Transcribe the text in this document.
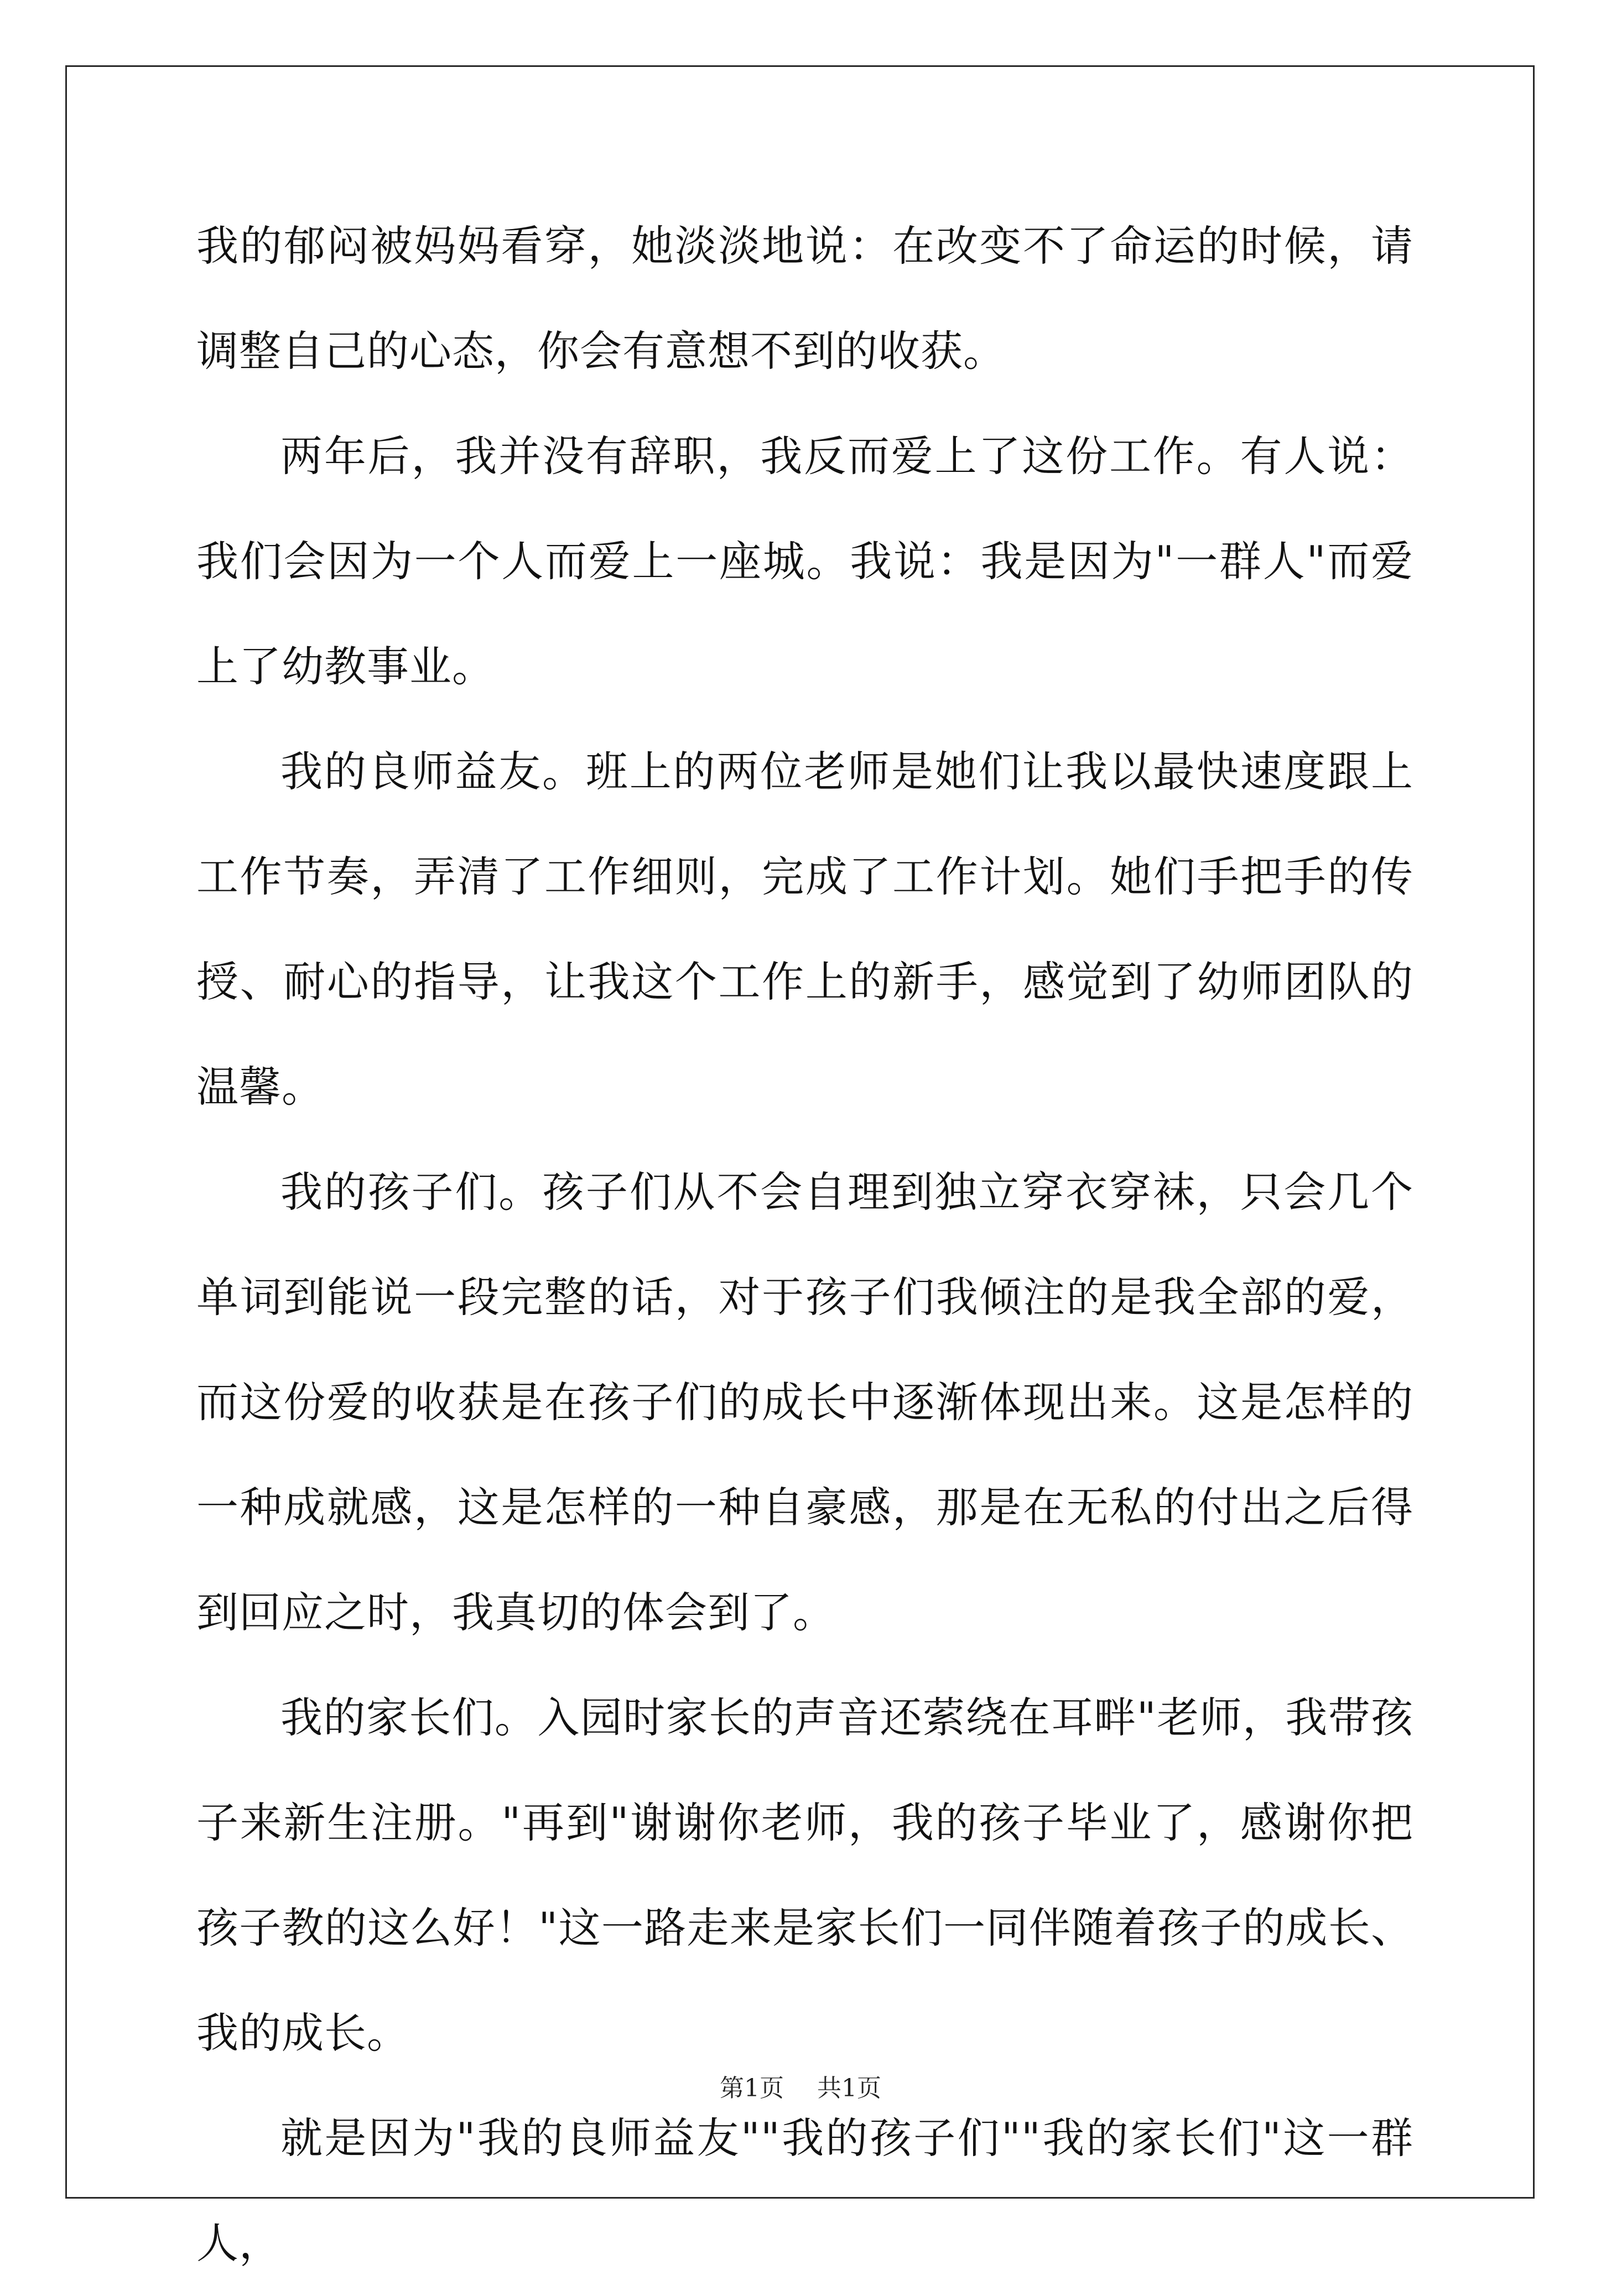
我的郁闷被妈妈看穿，她淡淡地说：在改变不了命运的时候，请调整自己的心态，你会有意想不到的收获。

两年后，我并没有辞职，我反而爱上了这份工作。有人说：我们会因为一个人而爱上一座城。我说：我是因为"一群人"而爱上了幼教事业。

我的良师益友。班上的两位老师是她们让我以最快速度跟上工作节奏，弄清了工作细则，完成了工作计划。她们手把手的传授、耐心的指导，让我这个工作上的新手，感觉到了幼师团队的温馨。

我的孩子们。孩子们从不会自理到独立穿衣穿袜，只会几个单词到能说一段完整的话，对于孩子们我倾注的是我全部的爱，而这份爱的收获是在孩子们的成长中逐渐体现出来。这是怎样的一种成就感，这是怎样的一种自豪感，那是在无私的付出之后得到回应之时，我真切的体会到了。

我的家长们。入园时家长的声音还萦绕在耳畔"老师，我带孩子来新生注册。"再到"谢谢你老师，我的孩子毕业了，感谢你把孩子教的这么好！"这一路走来是家长们一同伴随着孩子的成长、我的成长。

就是因为"我的良师益友""我的孩子们""我的家长们"这一群人，

第1页 共1页
